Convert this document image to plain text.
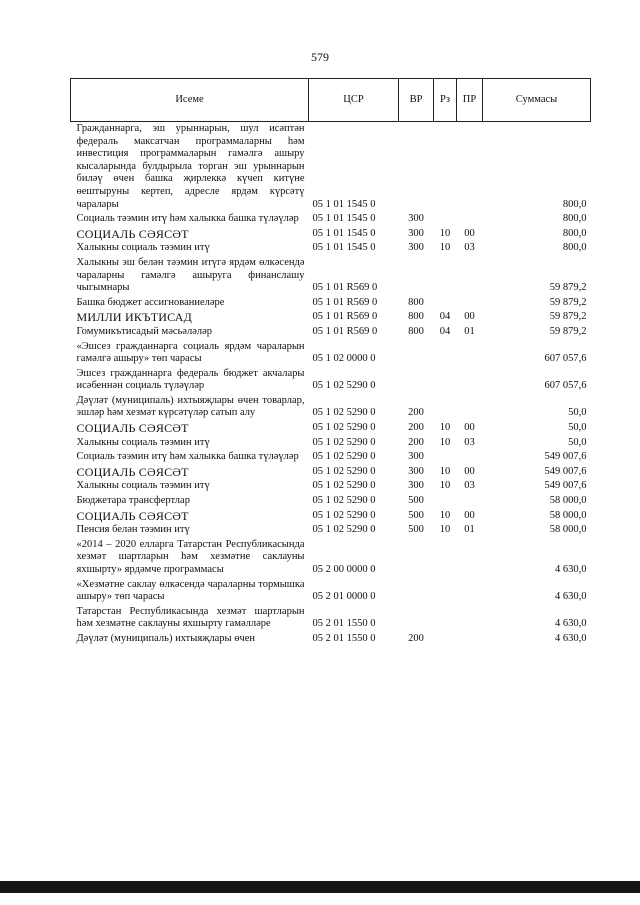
579
Исеме	ЦСР	ВР	Рз	ПР	Суммасы
Гражданнарга, эш урыннарын, шул исәптән федераль максатчан программаларны һәм инвестиция программаларын гамәлгә ашыру кысаларында булдырыла торган эш урыннарын биләү өчен башка җирлеккә күчеп китүне өештыруны кертеп, адресле ярдәм күрсәтү чаралары	05 1 01 1545 0				800,0
Социаль тәэмин итү һәм халыкка башка түләүләр	05 1 01 1545 0	300			800,0
СОЦИАЛЬ СӘЯСӘТ	05 1 01 1545 0	300	10	00	800,0
Халыкны социаль тәэмин итү	05 1 01 1545 0	300	10	03	800,0
Халыкны эш белән тәэмин итүгә ярдәм өлкәсендә чараларны гамәлгә ашыруга финанслашу чыгымнары	05 1 01 R569 0				59 879,2
Башка бюджет ассигнованиеләре	05 1 01 R569 0	800			59 879,2
МИЛЛИ ИКЪТИСАД	05 1 01 R569 0	800	04	00	59 879,2
Гомумикътисадый мәсьәләләр	05 1 01 R569 0	800	04	01	59 879,2
«Эшсез гражданнарга социаль ярдәм чараларын гамәлгә ашыру» төп чарасы	05 1 02 0000 0				607 057,6
Эшсез гражданнарга федераль бюджет акчалары исәбеннән социаль түләүләр	05 1 02 5290 0				607 057,6
Дәүләт (муниципаль) ихтыяҗлары өчен товарлар, эшләр һәм хезмәт күрсәтүләр сатып алу	05 1 02 5290 0	200			50,0
СОЦИАЛЬ СӘЯСӘТ	05 1 02 5290 0	200	10	00	50,0
Халыкны социаль тәэмин итү	05 1 02 5290 0	200	10	03	50,0
Социаль тәэмин итү һәм халыкка башка түләүләр	05 1 02 5290 0	300			549 007,6
СОЦИАЛЬ СӘЯСӘТ	05 1 02 5290 0	300	10	00	549 007,6
Халыкны социаль тәэмин итү	05 1 02 5290 0	300	10	03	549 007,6
Бюджетара трансфертлар	05 1 02 5290 0	500			58 000,0
СОЦИАЛЬ СӘЯСӘТ	05 1 02 5290 0	500	10	00	58 000,0
Пенсия белән тәэмин итү	05 1 02 5290 0	500	10	01	58 000,0
«2014 – 2020 елларга Татарстан Республикасында хезмәт шартларын һәм хезмәтне саклауны яхшырту» ярдәмче программасы	05 2 00 0000 0				4 630,0
«Хезмәтне саклау өлкәсендә чараларны тормышка ашыру» төп чарасы	05 2 01 0000 0				4 630,0
Татарстан Республикасында хезмәт шартларын һәм хезмәтне саклауны яхшырту гамәлләре	05 2 01 1550 0				4 630,0
Дәүләт (муниципаль) ихтыяҗлары өчен	05 2 01 1550 0	200			4 630,0
